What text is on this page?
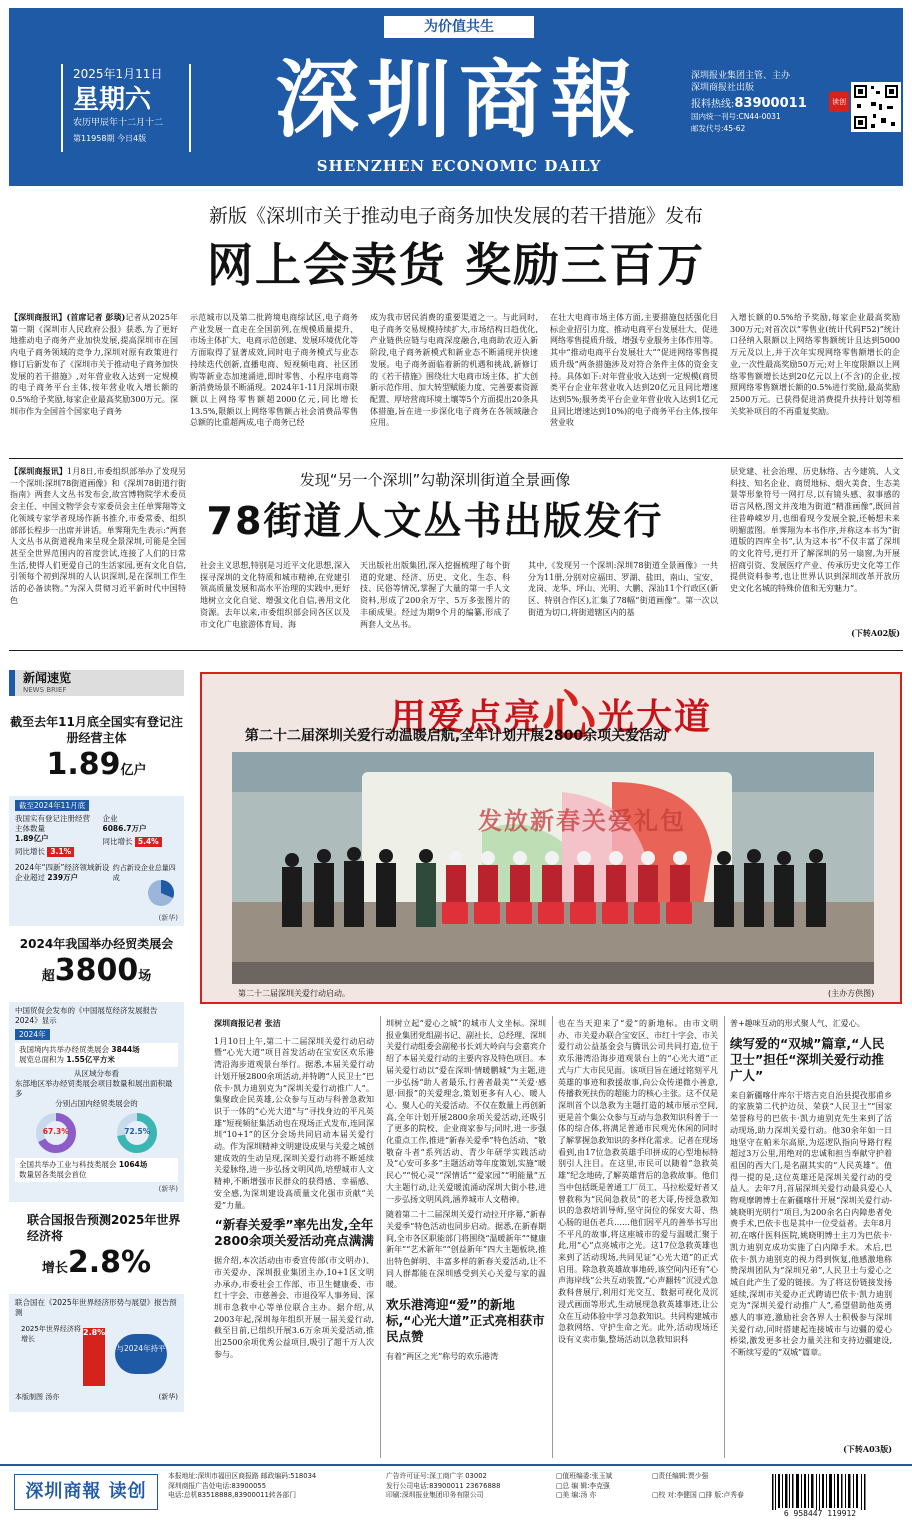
为价值共生
2025年1月11日
星期六
农历甲辰年十二月十二
第11958期 今日4版	深圳商報
SHENZHEN ECONOMIC DAILY
深圳报业集团主管、主办
深圳商报社出版
报料热线:83900011
国内统一刊号:CN44-0031
邮发代号:45-62
读创
新版《深圳市关于推动电子商务加快发展的若干措施》发布
网上会卖货 奖励三百万
【深圳商报讯】(首席记者 彭琰)记者从2025年第一期《深圳市人民政府公报》获悉,为了更好地推动电子商务产业加快发展,提高深圳市在国内电子商务领域的竞争力,深圳对原有政策进行修订后新发布了《深圳市关于推动电子商务加快发展的若干措施》,对年营业收入达到一定规模的电子商务平台主体,按年营业收入增长额的0.5%给予奖励,每家企业最高奖励300万元。深圳市作为全国首个国家电子商务
示范城市以及第二批跨境电商综试区,电子商务产业发展一直走在全国前列,在规模质量提升、市场主体扩大、电商示范创建、发展环境优化等方面取得了显著成效,同时电子商务模式与业态持续迭代创新,直播电商、短视频电商、社区团购等新业态加速涌进,即时零售、小程序电商等新消费场景不断涌现。2024年1-11月深圳市限额以上网络零售额超2000亿元,同比增长13.5%,限额以上网络零售额占社会消费品零售总额的比重超两成,电子商务已经
成为我市居民消费的重要渠道之一。与此同时,电子商务交易规模持续扩大,市场结构日趋优化,产业链供应链与电商深度融合,电商助农迈入新阶段,电子商务新模式和新业态不断涌现并快速发展。电子商务面临着新的机遇和挑战,新修订的《若干措施》围绕壮大电商市场主体、扩大创新示范作用、加大转型赋能力度、完善要素资源配置、厚培营商环境土壤等5个方面提出20条具体措施,旨在进一步深化电子商务在各领域融合应用。
在壮大电商市场主体方面,主要措施包括强化目标企业招引力度、推动电商平台发展壮大、促进网络零售提质升级、增强专业服务主体作用等。其中“推动电商平台发展壮大”“促进网络零售提质升级”两条措施涉及对符合条件主体的资金支持。具体如下:对年营业收入达到一定规模(商贸类平台企业年营业收入达到20亿元且同比增速达到5%;服务类平台企业年营业收入达到1亿元且同比增速达到10%)的电子商务平台主体,按年营业收
入增长额的0.5%给予奖励,每家企业最高奖励300万元;对首次以“零售业(统计代码F52)”统计口径纳入限额以上网络零售额统计且达到5000万元及以上,并于次年实现网络零售额增长的企业,一次性最高奖励50万元;对上年度限额以上网络零售额增长达到20亿元以上(不含)的企业,按照网络零售额增长额的0.5%进行奖励,最高奖励2500万元。已获得促进消费提升扶持计划等相关奖补项目的不再重复奖励。
【深圳商报讯】1月8日,市委组织部举办了发现另一个深圳:深圳78街道画像》和《深圳78街道行街指南》两套人文丛书发布会,故宫博物院学术委员会主任、中国文物学会专家委员会主任单霁翔等文化领域专家学者现场作新书推介,市委常委、组织部部长程步一出席并讲话。单霁翔先生表示:“两套人文丛书从街道视角来呈现全景深圳,可能是全国甚至全世界范围内的首度尝试,连接了人们的日常生活,使得人们更爱自己的生活家园,更有文化自信,引领每个初到深圳的人认识深圳,是在深圳工作生活的必备读物。”为深入贯彻习近平新时代中国特色
发现“另一个深圳”勾勒深圳街道全景画像
78街道人文丛书出版发行
社会主义思想,特别是习近平文化思想,深入探寻深圳的文化特质和城市精神,在党建引领高质量发展和高水平治理的实践中,更好地树立文化自觉、增强文化自信,善用文化资源。去年以来,市委组织部会同各区以及市文化广电旅游体育局、海
天出版社出版集团,深入挖掘梳理了每个街道的党建、经济、历史、文化、生态、科技、民俗等情况,掌握了大量的第一手人文资料,形成了200余万字、5万多张图片的丰硕成果。经过为期9个月的编纂,形成了两套人文丛书。
其中,《发现另一个深圳:深圳78街道全景画像》一共分为11册,分别对应福田、罗湖、盐田、南山、宝安、龙岗、龙华、坪山、光明、大鹏、深汕11个行政区(新区、特别合作区),汇集了78幅“街道画像”。第一次以街道为切口,将街道辖区内的基
层党建、社会治理、历史脉络、古今建筑、人文科技、知名企业、商贸地标、烟火美食、生态美景等形象符号一网打尽,以有镜头感、叙事感的语言风格,图文并茂地为街道“精准画像”,既回首往昔峥嵘岁月,也细看现今发展全貌,还畅想未来明媚蓝图。单霁翔为本书作序,并称这本书为“街道版的四库全书”,认为这本书“不仅丰富了深圳的文化符号,更打开了解深圳的另一扇窗,为开展招商引资、发展医疗产业、传承历史文化等工作提供资料参考,也让世界认识到深圳改革开放历史文化名城的特殊价值和无穷魅力”。
(下转A02版)
新闻速览
NEWS BRIEF
截至去年11月底全国实有登记注册经营主体
1.89亿户
截至2024年11月底
我国实有登记注册经营主体数量
1.89亿户
同比增长 3.1%
企业
6086.7万户
同比增长 5.4%
2024年“四新”经济领域新设企业超过 239万户
约占新设企业总量四成
(新华)
2024年我国举办经贸类展会
超3800场
中国贸促会发布的《中国展览经济发展报告2024》显示
2024年
我国境内共举办经贸类展会 3844场
展览总面积为 1.55亿平方米
从区域分布看
东部地区举办经贸类展会项目数量和展出面积最多
分别占国内经贸类展会的
67.3%	72.5%
全国共举办工业与科技类展会 1064场
数量居各类展会首位
(新华)
联合国报告预测2025年世界经济将
增长2.8%
联合国在《2025年世界经济形势与展望》报告预测
2025年世界经济将增长
2.8%
与2024年持平
本版制图 汤亦	(新华)
用爱点亮心光大道
第二十二届深圳关爱行动温暖启航,全年计划开展2800余项关爱活动
发放新春关爱礼包
第二十二届深圳关爱行动启动。	(主办方供图)
深圳商报记者 张洁
1月10日上午,第二十二届深圳关爱行动启动暨“心光大道”项目首发活动在宝安区欢乐港湾沿海步道观景台举行。据悉,本届关爱行动计划开展2800余项活动,并特聘“人民卫士”巴依卡·凯力迪别克为“深圳关爱行动推广人”。集聚政企民英雄,公众参与互动与科普急救知识于一体的“心光大道”与“寻找身边的平凡英雄”短视频征集活动也在现场正式发布,连同深圳“10+1”的区分会场共同启动本届关爱行动。作为深圳精神文明建设成果与关爱之城创建成效的生动呈现,深圳关爱行动将不断延续关爱脉络,进一步弘扬文明风尚,培塑城市人文精神,不断增强市民群众的获得感、幸福感、安全感,为深圳建设高质量文化强市贡献“关爱”力量。
“新春关爱季”率先出发,全年2800余项关爱活动亮点满满
据介绍,本次活动由市委宣传部(市文明办)、市关爱办、深圳报业集团主办,10+1区文明办承办,市委社会工作部、市卫生健康委、市红十字会、市慈善会、市退役军人事务局、深圳市急救中心等单位联合主办。据介绍,从2003年起,深圳每年组织开展一届关爱行动,截至目前,已组织开展3.6万余项关爱活动,推出2500余项优秀公益项目,吸引了超千万人次参与。
圳树立起“爱心之城”的城市人文坐标。深圳报业集团党组副书记、副社长、总经理、深圳关爱行动组委会副秘书长刘大岭向与会嘉宾介绍了本届关爱行动的主要内容及特色项目。本届关爱行动以“爱在深圳·情暖鹏城”为主题,进一步弘扬“助人者最乐,行善者最美”“关爱·感恩·回报”的关爱理念,策划更多有人心、暖人心、聚人心的关爱活动。不仅在数量上再创新高,全年计划开展2800余项关爱活动,还吸引了更多的院校、企业商家参与;同时,进一步强化重点工作,推进“新春关爱季”特色活动、“敬敬奋斗者”系列活动、青少年研学实践活动及“心安可多多”主题活动等年度策划,实施“暖民心”“悦心灵”“深情话”“爱家园”“明能量”五大主题行动,让关爱暖流涌动深圳大街小巷,进一步弘扬文明风尚,涵养城市人文精神。
随着第二十二届深圳关爱行动拉开序幕,“新春关爱季”特色活动也同步启动。据悉,在新春期间,全市各区职能部门将围绕“温暖新年”“健康新年”“艺术新年”“创益新年”四大主题板块,推出特色鲜明、丰富多样的新春关爱活动,让不同人群都能在深圳感受到关心关爱与家的温暖。
欢乐港湾迎“爱”的新地标,“心光大道”正式亮相获市民点赞
有着“两区之光”称号的欢乐港湾
也在当天迎来了“爱”的新地标。由市文明办、市关爱办联合宝安区、市红十字会、市关爱行动公益基金会与腾讯公司共同打造,位于欢乐港湾沿海步道观景台上的“心光大道”正式与广大市民见面。该项目旨在通过铭刻平凡英雄的事迹和救援故事,向公众传递微小善意,传播救死扶伤的超能力的核心主张。这不仅是深圳首个以急救为主题打造的城市展示空间,更是首个集公众参与互动与急救知识科普于一体的综合体,将满足普通市民观光休闲的同时了解掌握急救知识的多样化需求。记者在现场看到,由17位急救英雄手印拼成的心型地标特别引人注目。在这里,市民可以随着“急救英雄”纪念地砖,了解英雄背后的急救故事。他们当中包括既是普通工厂员工、马拉松爱好者又曾救称为“民间急救员”的老大哥,传授急救知识的急救培训导师,坚守岗位的保安大哥、热心肠的退伍老兵……他们因平凡的善举书写出不平凡的故事,将这座城市的爱与温暖汇聚于此,用“心”点亮城市之光。这17位急救英雄也来到了活动现场,共同见证“心光大道”的正式启用。除急救英雄故事地砖,该空间内还有“心声海岸线”公共互动装置,“心声翻转”沉浸式急救科普展厅,利用灯光交互、数据可视化及沉浸式画面等形式,生动展现急救英雄事迹,让公众在互动体验中学习急救知识。共同构建城市急救网络、守护生命之光。此外,活动现场还设有义卖市集,整场活动以急救知识科
普+趣味互动的形式聚人气、汇爱心。
续写爱的“双城”篇章,“人民卫士”担任“深圳关爱行动推广人”
来自新疆喀什库尔干塔吉克自治县提孜那甫乡的家族第二代护边员、荣获“人民卫士”“国家荣誉称号的巴依卡·凯力迪别克先生来到了活动现场,助力深圳关爱行动。他30余年如一日地坚守在帕米尔高原,为巡逻队指向导路行程超过3万公里,用绝对的忠诚和担当奉献守护着祖国的西大门,是名副其实的“人民英雄”。值得一提的是,这位英雄还是深圳关爱行动的受益人。去年7月,首届深圳关爱行动最具爱心人物观摩聘博士在新疆喀什开展“深圳关爱行动-姚晓明光明行”项目,为200余名白内障患者免费手术,巴依卡也是其中一位受益者。去年8月初,在喀什医科医院,姚晓明博士主刀为巴依卡·凯力迪别克成功实施了白内障手术。术后,巴依卡·凯力迪别克的视力得到恢复,他感激地称赞深圳团队为“深圳兄弟”,人民卫士与爱心之城自此产生了爱的链接。为了将这份链接发扬延续,深圳市关爱办正式聘请巴依卡·凯力迪别克为“深圳关爱行动推广人”,希望借助他英勇感人的事迹,激励社会各界人士积极参与深圳关爱行动,同时搭建起连接城市与边疆的爱心桥梁,激发更多社会力量关注和支持边疆建设,不断续写爱的“双城”篇章。
(下转A03版)
深圳商報 读创
本报地址:深圳市福田区商报路 邮政编码:518034
深圳商报广告处电话:83900055
电话:总机83518888,83900011转各部门
广告许可证号:深工商广字 03002
发行公司电话:83900011 23676888
印刷:深圳报业集团印务有限公司
□值班编委:张玉斌
□总 编 辑:李克强
□美 编:汤 亦
□责任编辑:贾少强
□校 对:李健国 □排 版:卢秀春
6 958447 119912
